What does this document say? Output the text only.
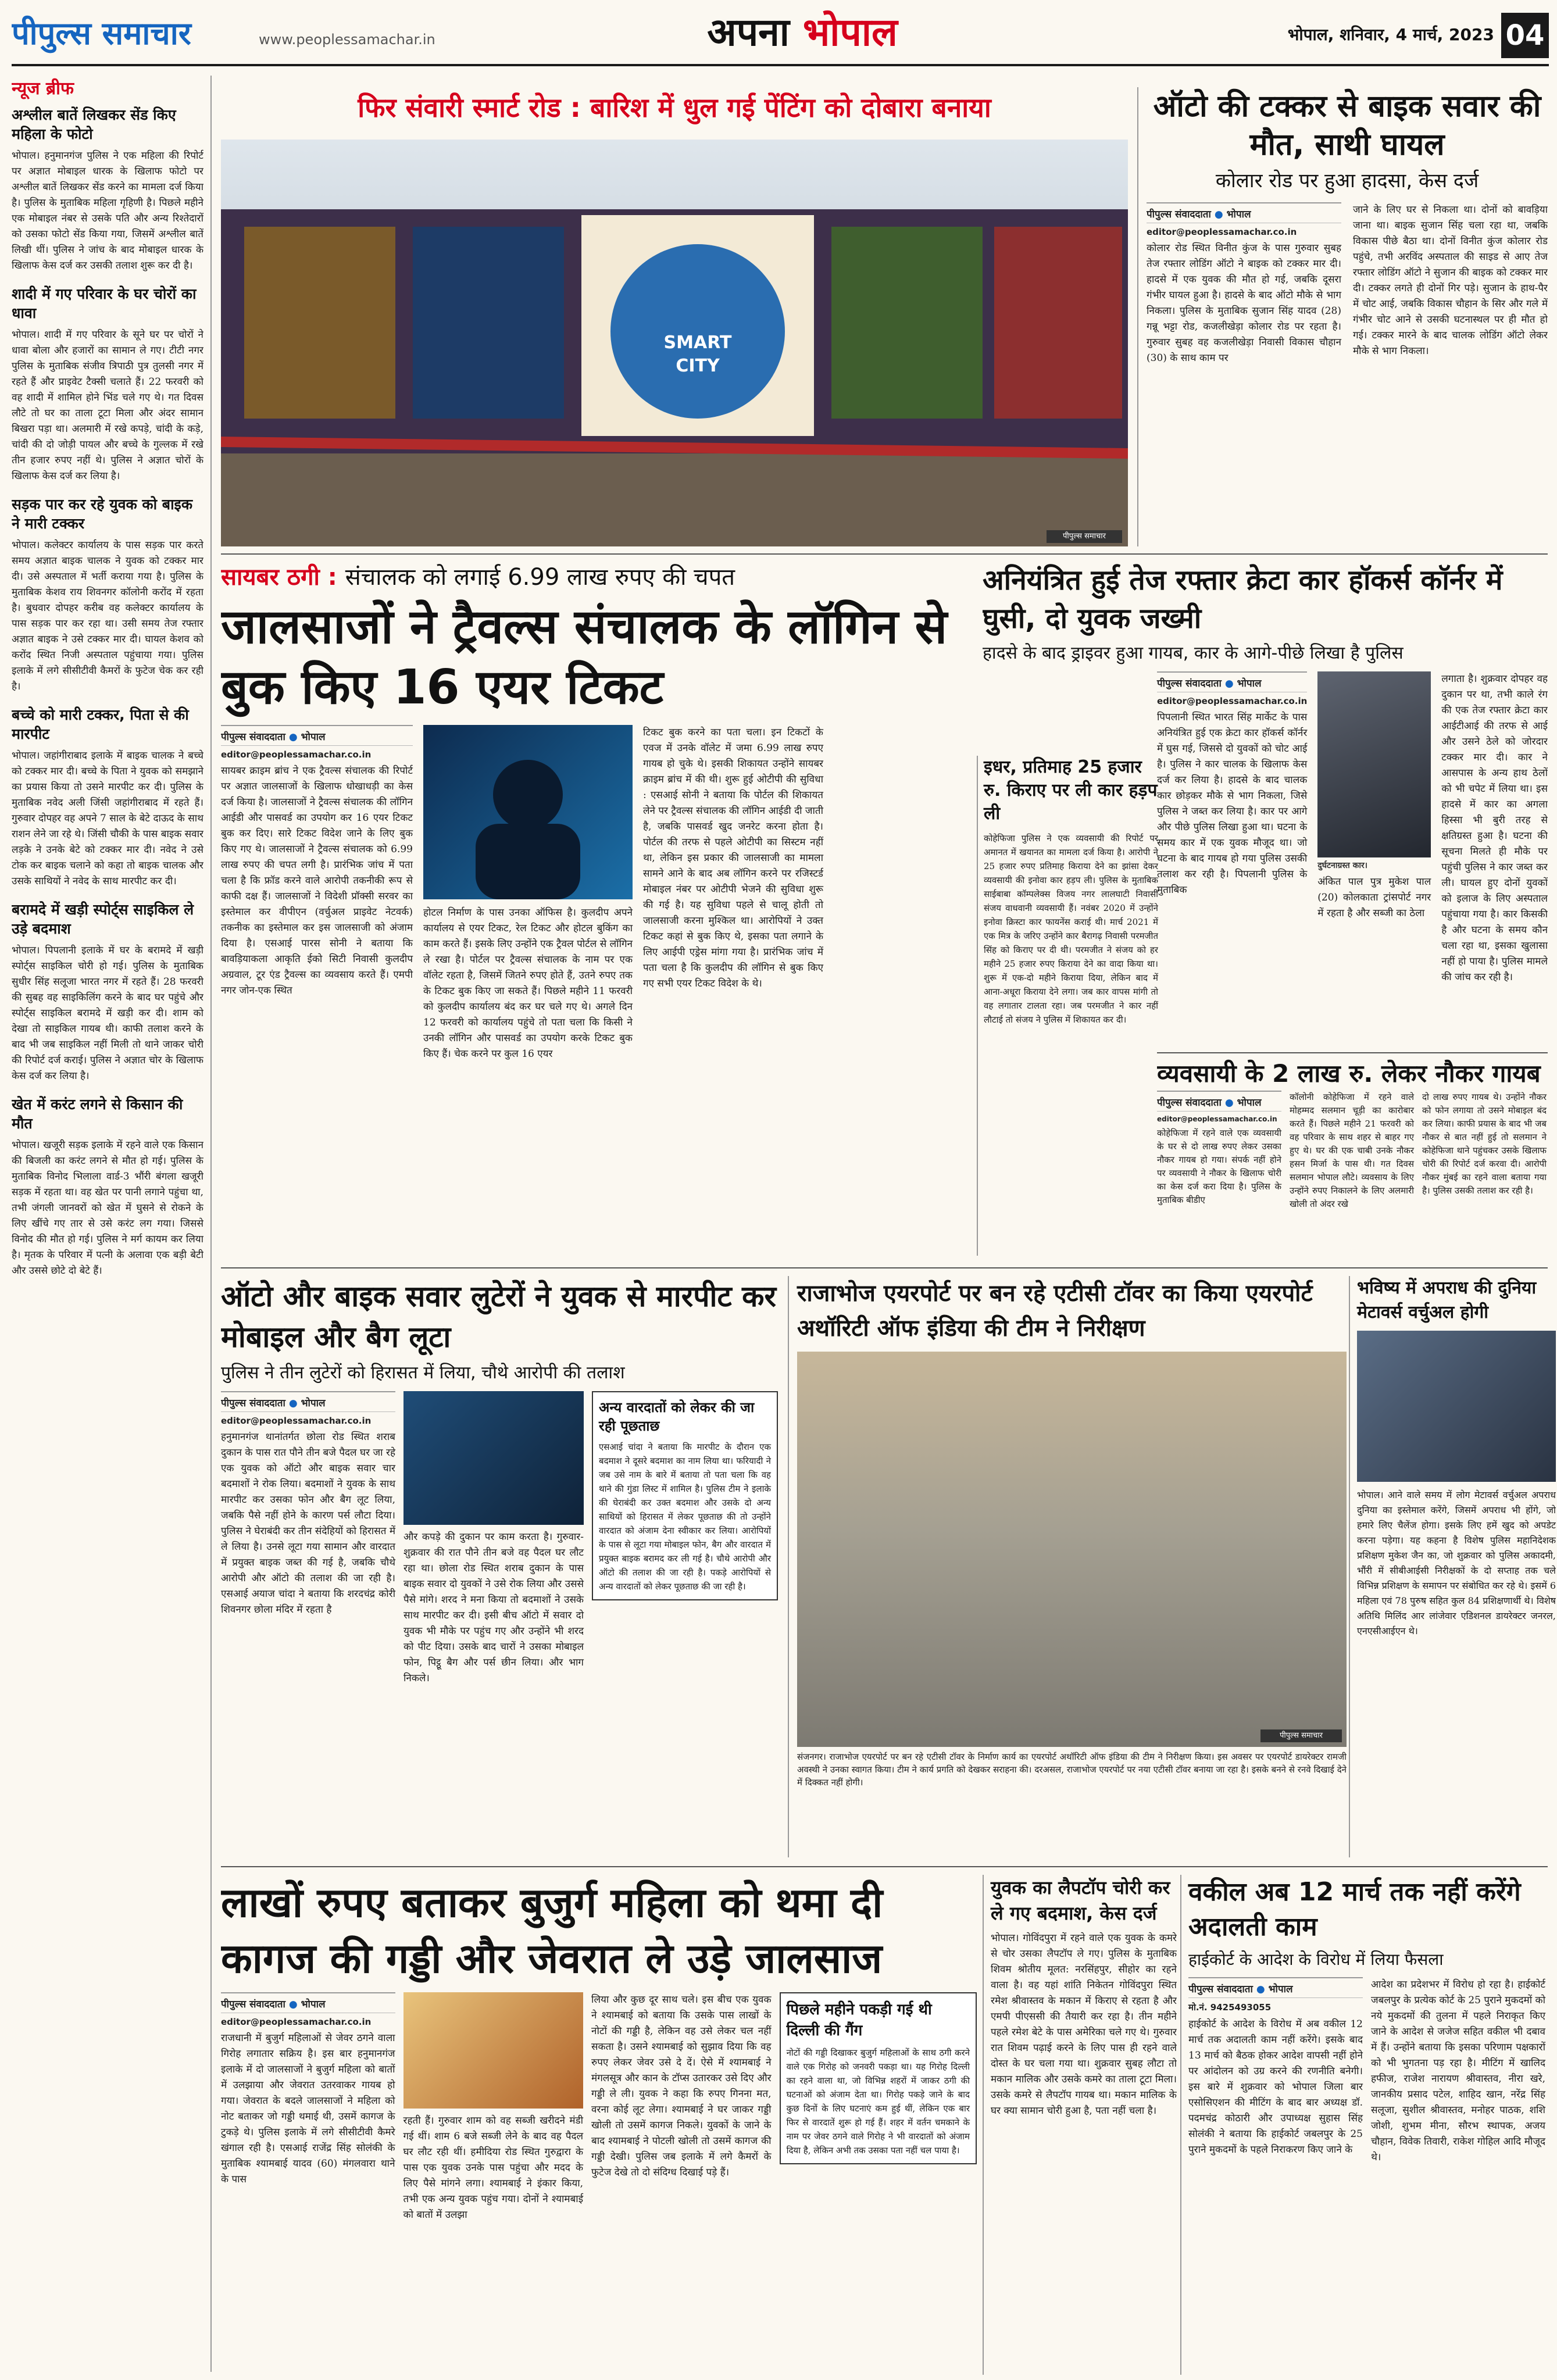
पीपुल्स समाचार	www.peoplessamachar.in	अपना भोपाल	भोपाल, शनिवार, 4 मार्च, 2023 04
न्यूज ब्रीफ
अश्लील बातें लिखकर सेंड किए महिला के फोटो
भोपाल। हनुमानगंज पुलिस ने एक महिला की रिपोर्ट पर अज्ञात मोबाइल धारक के खिलाफ फोटो पर अश्लील बातें लिखकर सेंड करने का मामला दर्ज किया है। पुलिस के मुताबिक महिला गृहिणी है। पिछले महीने एक मोबाइल नंबर से उसके पति और अन्य रिश्तेदारों को उसका फोटो सेंड किया गया, जिसमें अश्लील बातें लिखी थीं। पुलिस ने जांच के बाद मोबाइल धारक के खिलाफ केस दर्ज कर उसकी तलाश शुरू कर दी है।
शादी में गए परिवार के घर चोरों का धावा
भोपाल। शादी में गए परिवार के सूने घर पर चोरों ने धावा बोला और हजारों का सामान ले गए। टीटी नगर पुलिस के मुताबिक संजीव त्रिपाठी पुत्र तुलसी नगर में रहते हैं और प्राइवेट टैक्सी चलाते हैं। 22 फरवरी को वह शादी में शामिल होने भिंड चले गए थे। गत दिवस लौटे तो घर का ताला टूटा मिला और अंदर सामान बिखरा पड़ा था। अलमारी में रखे कपड़े, चांदी के कड़े, चांदी की दो जोड़ी पायल और बच्चे के गुल्लक में रखे तीन हजार रुपए नहीं थे। पुलिस ने अज्ञात चोरों के खिलाफ केस दर्ज कर लिया है।
सड़क पार कर रहे युवक को बाइक ने मारी टक्कर
भोपाल। कलेक्टर कार्यालय के पास सड़क पार करते समय अज्ञात बाइक चालक ने युवक को टक्कर मार दी। उसे अस्पताल में भर्ती कराया गया है। पुलिस के मुताबिक केशव राय शिवनगर कॉलोनी करोंद में रहता है। बुधवार दोपहर करीब वह कलेक्टर कार्यालय के पास सड़क पार कर रहा था। उसी समय तेज रफ्तार अज्ञात बाइक ने उसे टक्कर मार दी। घायल केशव को करोंद स्थित निजी अस्पताल पहुंचाया गया। पुलिस इलाके में लगे सीसीटीवी कैमरों के फुटेज चेक कर रही है।
बच्चे को मारी टक्कर, पिता से की मारपीट
भोपाल। जहांगीराबाद इलाके में बाइक चालक ने बच्चे को टक्कर मार दी। बच्चे के पिता ने युवक को समझाने का प्रयास किया तो उसने मारपीट कर दी। पुलिस के मुताबिक नवेद अली जिंसी जहांगीराबाद में रहते हैं। गुरुवार दोपहर वह अपने 7 साल के बेटे दाऊद के साथ राशन लेने जा रहे थे। जिंसी चौकी के पास बाइक सवार लड़के ने उनके बेटे को टक्कर मार दी। नवेद ने उसे टोक कर बाइक चलाने को कहा तो बाइक चालक और उसके साथियों ने नवेद के साथ मारपीट कर दी।
बरामदे में खड़ी स्पोर्ट्स साइकिल ले उड़े बदमाश
भोपाल। पिपलानी इलाके में घर के बरामदे में खड़ी स्पोर्ट्स साइकिल चोरी हो गई। पुलिस के मुताबिक सुधीर सिंह सलूजा भारत नगर में रहते हैं। 28 फरवरी की सुबह वह साइकिलिंग करने के बाद घर पहुंचे और स्पोर्ट्स साइकिल बरामदे में खड़ी कर दी। शाम को देखा तो साइकिल गायब थी। काफी तलाश करने के बाद भी जब साइकिल नहीं मिली तो थाने जाकर चोरी की रिपोर्ट दर्ज कराई। पुलिस ने अज्ञात चोर के खिलाफ केस दर्ज कर लिया है।
खेत में करंट लगने से किसान की मौत
भोपाल। खजूरी सड़क इलाके में रहने वाले एक किसान की बिजली का करंट लगने से मौत हो गई। पुलिस के मुताबिक विनोद भिलाला वार्ड-3 भौंरी बंगला खजूरी सड़क में रहता था। वह खेत पर पानी लगाने पहुंचा था, तभी जंगली जानवरों को खेत में घुसने से रोकने के लिए खींचे गए तार से उसे करंट लग गया। जिससे विनोद की मौत हो गई। पुलिस ने मर्ग कायम कर लिया है। मृतक के परिवार में पत्नी के अलावा एक बड़ी बेटी और उससे छोटे दो बेटे हैं।
फिर संवारी स्मार्ट रोड : बारिश में धुल गई पेंटिंग को दोबारा बनाया
SMART CITY
पीपुल्स समाचार
ऑटो की टक्कर से बाइक सवार की मौत, साथी घायल
कोलार रोड पर हुआ हादसा, केस दर्ज
पीपुल्स संवाददाता ● भोपाल
editor@peoplessamachar.co.in
कोलार रोड स्थित विनीत कुंज के पास गुरुवार सुबह तेज रफ्तार लोडिंग ऑटो ने बाइक को टक्कर मार दी। हादसे में एक युवक की मौत हो गई, जबकि दूसरा गंभीर घायल हुआ है। हादसे के बाद ऑटो मौके से भाग निकला। पुलिस के मुताबिक सुजान सिंह यादव (28) गन्नू भट्टा रोड, कजलीखेड़ा कोलार रोड पर रहता है। गुरुवार सुबह वह कजलीखेड़ा निवासी विकास चौहान (30) के साथ काम पर
जाने के लिए घर से निकला था। दोनों को बावड़िया जाना था। बाइक सुजान सिंह चला रहा था, जबकि विकास पीछे बैठा था। दोनों विनीत कुंज कोलार रोड पहुंचे, तभी अरविंद अस्पताल की साइड से आए तेज रफ्तार लोडिंग ऑटो ने सुजान की बाइक को टक्कर मार दी। टक्कर लगते ही दोनों गिर पड़े। सुजान के हाथ-पैर में चोट आई, जबकि विकास चौहान के सिर और गले में गंभीर चोट आने से उसकी घटनास्थल पर ही मौत हो गई। टक्कर मारने के बाद चालक लोडिंग ऑटो लेकर मौके से भाग निकला।
सायबर ठगी : संचालक को लगाई 6.99 लाख रुपए की चपत
जालसाजों ने ट्रैवल्स संचालक के लॉगिन से बुक किए 16 एयर टिकट
पीपुल्स संवाददाता ● भोपाल
editor@peoplessamachar.co.in
सायबर क्राइम ब्रांच ने एक ट्रैवल्स संचालक की रिपोर्ट पर अज्ञात जालसाजों के खिलाफ धोखाधड़ी का केस दर्ज किया है। जालसाजों ने ट्रैवल्स संचालक की लॉगिन आईडी और पासवर्ड का उपयोग कर 16 एयर टिकट बुक कर दिए। सारे टिकट विदेश जाने के लिए बुक किए गए थे। जालसाजों ने ट्रैवल्स संचालक को 6.99 लाख रुपए की चपत लगी है। प्रारंभिक जांच में पता चला है कि फ्रॉड करने वाले आरोपी तकनीकी रूप से काफी दक्ष हैं। जालसाजों ने विदेशी प्रॉक्सी सरवर का इस्तेमाल कर वीपीएन (वर्चुअल प्राइवेट नेटवर्क) तकनीक का इस्तेमाल कर इस जालसाजी को अंजाम दिया है। एसआई पारस सोनी ने बताया कि बावड़ियाकला आकृति ईको सिटी निवासी कुलदीप अग्रवाल, टूर एंड ट्रैवल्स का व्यवसाय करते हैं। एमपी नगर जोन-एक स्थित
होटल निर्माण के पास उनका ऑफिस है। कुलदीप अपने कार्यालय से एयर टिकट, रेल टिकट और होटल बुकिंग का काम करते हैं। इसके लिए उन्होंने एक ट्रैवल पोर्टल से लॉगिन ले रखा है। पोर्टल पर ट्रैवल्स संचालक के नाम पर एक वॉलेट रहता है, जिसमें जितने रुपए होते हैं, उतने रुपए तक के टिकट बुक किए जा सकते हैं। पिछले महीने 11 फरवरी को कुलदीप कार्यालय बंद कर घर चले गए थे। अगले दिन 12 फरवरी को कार्यालय पहुंचे तो पता चला कि किसी ने उनकी लॉगिन और पासवर्ड का उपयोग करके टिकट बुक किए हैं। चेक करने पर कुल 16 एयर
टिकट बुक करने का पता चला। इन टिकटों के एवज में उनके वॉलेट में जमा 6.99 लाख रुपए गायब हो चुके थे। इसकी शिकायत उन्होंने सायबर क्राइम ब्रांच में की थी। शुरू हुई ओटीपी की सुविधा : एसआई सोनी ने बताया कि पोर्टल की शिकायत लेने पर ट्रैवल्स संचालक की लॉगिन आईडी दी जाती है, जबकि पासवर्ड खुद जनरेट करना होता है। पोर्टल की तरफ से पहले ओटीपी का सिस्टम नहीं था, लेकिन इस प्रकार की जालसाजी का मामला सामने आने के बाद अब लॉगिन करने पर रजिस्टर्ड मोबाइल नंबर पर ओटीपी भेजने की सुविधा शुरू की गई है। यह सुविधा पहले से चालू होती तो जालसाजी करना मुश्किल था। आरोपियों ने उक्त टिकट कहां से बुक किए थे, इसका पता लगाने के लिए आईपी एड्रेस मांगा गया है। प्रारंभिक जांच में पता चला है कि कुलदीप की लॉगिन से बुक किए गए सभी एयर टिकट विदेश के थे।
इधर, प्रतिमाह 25 हजार रु. किराए पर ली कार हड़प ली
कोहेफिजा पुलिस ने एक व्यवसायी की रिपोर्ट पर अमानत में खयानत का मामला दर्ज किया है। आरोपी ने 25 हजार रुपए प्रतिमाह किराया देने का झांसा देकर व्यवसायी की इनोवा कार हड़प ली। पुलिस के मुताबिक साईबाबा कॉम्पलेक्स विजय नगर लालघाटी निवासी संजय वाधवानी व्यवसायी हैं। नवंबर 2020 में उन्होंने इनोवा क्रिस्टा कार फायनेंस कराई थी। मार्च 2021 में एक मित्र के जरिए उन्होंने कार बैरागढ़ निवासी परमजीत सिंह को किराए पर दी थी। परमजीत ने संजय को हर महीने 25 हजार रुपए किराया देने का वादा किया था। शुरू में एक-दो महीने किराया दिया, लेकिन बाद में आना-अधूरा किराया देने लगा। जब कार वापस मांगी तो वह लगातार टालता रहा। जब परमजीत ने कार नहीं लौटाई तो संजय ने पुलिस में शिकायत कर दी।
अनियंत्रित हुई तेज रफ्तार क्रेटा कार हॉकर्स कॉर्नर में घुसी, दो युवक जख्मी
हादसे के बाद ड्राइवर हुआ गायब, कार के आगे-पीछे लिखा है पुलिस
पीपुल्स संवाददाता ● भोपाल
editor@peoplessamachar.co.in
पिपलानी स्थित भारत सिंह मार्केट के पास अनियंत्रित हुई एक क्रेटा कार हॉकर्स कॉर्नर में घुस गई, जिससे दो युवकों को चोट आई है। पुलिस ने कार चालक के खिलाफ केस दर्ज कर लिया है। हादसे के बाद चालक कार छोड़कर मौके से भाग निकला, जिसे पुलिस ने जब्त कर लिया है। कार पर आगे और पीछे पुलिस लिखा हुआ था। घटना के समय कार में एक युवक मौजूद था। जो घटना के बाद गायब हो गया पुलिस उसकी तलाश कर रही है। पिपलानी पुलिस के मुताबिक
दुर्घटनाग्रस्त कार।
अंकित पाल पुत्र मुकेश पाल (20) कोलकाता ट्रांसपोर्ट नगर में रहता है और सब्जी का ठेला
लगाता है। शुक्रवार दोपहर वह दुकान पर था, तभी काले रंग की एक तेज रफ्तार क्रेटा कार आईटीआई की तरफ से आई और उसने ठेले को जोरदार टक्कर मार दी। कार ने आसपास के अन्य हाथ ठेलों को भी चपेट में लिया था। इस हादसे में कार का अगला हिस्सा भी बुरी तरह से क्षतिग्रस्त हुआ है। घटना की सूचना मिलते ही मौके पर पहुंची पुलिस ने कार जब्त कर ली। घायल हुए दोनों युवकों को इलाज के लिए अस्पताल पहुंचाया गया है। कार किसकी है और घटना के समय कौन चला रहा था, इसका खुलासा नहीं हो पाया है। पुलिस मामले की जांच कर रही है।
व्यवसायी के 2 लाख रु. लेकर नौकर गायब
पीपुल्स संवाददाता ● भोपाल
editor@peoplessamachar.co.in
कोहेफिजा में रहने वाले एक व्यवसायी के घर से दो लाख रुपए लेकर उसका नौकर गायब हो गया। संपर्क नहीं होने पर व्यवसायी ने नौकर के खिलाफ चोरी का केस दर्ज करा दिया है। पुलिस के मुताबिक बीडीए
कॉलोनी कोहेफिजा में रहने वाले मोहम्मद सलमान चूड़ी का कारोबार करते हैं। पिछले महीने 21 फरवरी को वह परिवार के साथ शहर से बाहर गए हुए थे। घर की एक चाबी उनके नौकर हसन मिर्जा के पास थी। गत दिवस सलमान भोपाल लौटे। व्यवसाय के लिए उन्होंने रुपए निकालने के लिए अलमारी खोली तो अंदर रखे
दो लाख रुपए गायब थे। उन्होंने नौकर को फोन लगाया तो उसने मोबाइल बंद कर लिया। काफी प्रयास के बाद भी जब नौकर से बात नहीं हुई तो सलमान ने कोहेफिजा थाने पहुंचकर उसके खिलाफ चोरी की रिपोर्ट दर्ज करवा दी। आरोपी नौकर मुंबई का रहने वाला बताया गया है। पुलिस उसकी तलाश कर रही है।
ऑटो और बाइक सवार लुटेरों ने युवक से मारपीट कर मोबाइल और बैग लूटा
पुलिस ने तीन लुटेरों को हिरासत में लिया, चौथे आरोपी की तलाश
पीपुल्स संवाददाता ● भोपाल
editor@peoplessamachar.co.in
हनुमानगंज थानांतर्गत छोला रोड स्थित शराब दुकान के पास रात पौने तीन बजे पैदल घर जा रहे एक युवक को ऑटो और बाइक सवार चार बदमाशों ने रोक लिया। बदमाशों ने युवक के साथ मारपीट कर उसका फोन और बैग लूट लिया, जबकि पैसे नहीं होने के कारण पर्स लौटा दिया। पुलिस ने घेराबंदी कर तीन संदेहियों को हिरासत में ले लिया है। उनसे लूटा गया सामान और वारदात में प्रयुक्त बाइक जब्त की गई है, जबकि चौथे आरोपी और ऑटो की तलाश की जा रही है। एसआई अयाज चांदा ने बताया कि शरदचंद्र कोरी शिवनगर छोला मंदिर में रहता है
और कपड़े की दुकान पर काम करता है। गुरुवार-शुक्रवार की रात पौने तीन बजे वह पैदल घर लौट रहा था। छोला रोड स्थित शराब दुकान के पास बाइक सवार दो युवकों ने उसे रोक लिया और उससे पैसे मांगे। शरद ने मना किया तो बदमाशों ने उसके साथ मारपीट कर दी। इसी बीच ऑटो में सवार दो युवक भी मौके पर पहुंच गए और उन्होंने भी शरद को पीट दिया। उसके बाद चारों ने उसका मोबाइल फोन, पिट्ठू बैग और पर्स छीन लिया। और भाग निकले।
अन्य वारदातों को लेकर की जा रही पूछताछ
एसआई चांदा ने बताया कि मारपीट के दौरान एक बदमाश ने दूसरे बदमाश का नाम लिया था। फरियादी ने जब उसे नाम के बारे में बताया तो पता चला कि वह थाने की गुंडा लिस्ट में शामिल है। पुलिस टीम ने इलाके की घेराबंदी कर उक्त बदमाश और उसके दो अन्य साथियों को हिरासत में लेकर पूछताछ की तो उन्होंने वारदात को अंजाम देना स्वीकार कर लिया। आरोपियों के पास से लूटा गया मोबाइल फोन, बैग और वारदात में प्रयुक्त बाइक बरामद कर ली गई है। चौथे आरोपी और ऑटो की तलाश की जा रही है। पकड़े आरोपियों से अन्य वारदातों को लेकर पूछताछ की जा रही है।
राजाभोज एयरपोर्ट पर बन रहे एटीसी टॉवर का किया एयरपोर्ट अथॉरिटी ऑफ इंडिया की टीम ने निरीक्षण
पीपुल्स समाचार
संजनगर। राजाभोज एयरपोर्ट पर बन रहे एटीसी टॉवर के निर्माण कार्य का एयरपोर्ट अथॉरिटी ऑफ इंडिया की टीम ने निरीक्षण किया। इस अवसर पर एयरपोर्ट डायरेक्टर रामजी अवस्थी ने उनका स्वागत किया। टीम ने कार्य प्रगति को देखकर सराहना की। दरअसल, राजाभोज एयरपोर्ट पर नया एटीसी टॉवर बनाया जा रहा है। इसके बनने से रनवे दिखाई देने में दिक्कत नहीं होगी।
भविष्य में अपराध की दुनिया मेटावर्स वर्चुअल होगी
भोपाल। आने वाले समय में लोग मेटावर्स वर्चुअल अपराध दुनिया का इस्तेमाल करेंगे, जिसमें अपराध भी होंगे, जो हमारे लिए चैलेंज होगा। इसके लिए हमें खुद को अपडेट करना पड़ेगा। यह कहना है विशेष पुलिस महानिदेशक प्रशिक्षण मुकेश जैन का, जो शुक्रवार को पुलिस अकादमी, भौंरी में सीबीआईसी निरीक्षकों के दो सप्ताह तक चले विभिन्न प्रशिक्षण के समापन पर संबोधित कर रहे थे। इसमें 6 महिला एवं 78 पुरुष सहित कुल 84 प्रशिक्षणार्थी थे। विशेष अतिथि मिलिंद आर लांजेवार एडिशनल डायरेक्टर जनरल, एनएसीआईएन थे।
लाखों रुपए बताकर बुजुर्ग महिला को थमा दी कागज की गड्डी और जेवरात ले उड़े जालसाज
पीपुल्स संवाददाता ● भोपाल
editor@peoplessamachar.co.in
राजधानी में बुजुर्ग महिलाओं से जेवर ठगने वाला गिरोह लगातार सक्रिय है। इस बार हनुमानगंज इलाके में दो जालसाजों ने बुजुर्ग महिला को बातों में उलझाया और जेवरात उतरवाकर गायब हो गया। जेवरात के बदले जालसाजों ने महिला को नोट बताकर जो गड्डी थमाई थी, उसमें कागज के टुकड़े थे। पुलिस इलाके में लगे सीसीटीवी कैमरे खंगाल रही है। एसआई राजेंद्र सिंह सोलंकी के मुताबिक श्यामबाई यादव (60) मंगलवारा थाने के पास
रहती हैं। गुरुवार शाम को वह सब्जी खरीदने मंडी गई थीं। शाम 6 बजे सब्जी लेने के बाद वह पैदल घर लौट रही थीं। हमीदिया रोड स्थित गुरुद्वारा के पास एक युवक उनके पास पहुंचा और मदद के लिए पैसे मांगने लगा। श्यामबाई ने इंकार किया, तभी एक अन्य युवक पहुंच गया। दोनों ने श्यामबाई को बातों में उलझा
लिया और कुछ दूर साथ चले। इस बीच एक युवक ने श्यामबाई को बताया कि उसके पास लाखों के नोटों की गड्डी है, लेकिन वह उसे लेकर चल नहीं सकता है। उसने श्यामबाई को सुझाव दिया कि वह रुपए लेकर जेवर उसे दे दें। ऐसे में श्यामबाई ने मंगलसूत्र और कान के टॉप्स उतारकर उसे दिए और गड्डी ले ली। युवक ने कहा कि रुपए गिनना मत, वरना कोई लूट लेगा। श्यामबाई ने घर जाकर गड्डी खोली तो उसमें कागज निकले। युवकों के जाने के बाद श्यामबाई ने पोटली खोली तो उसमें कागज की गड्डी देखी। पुलिस जब इलाके में लगे कैमरों के फुटेज देखे तो दो संदिग्ध दिखाई पड़े हैं।
पिछले महीने पकड़ी गई थी दिल्ली की गैंग
नोटों की गड्डी दिखाकर बुजुर्ग महिलाओं के साथ ठगी करने वाले एक गिरोह को जनवरी पकड़ा था। यह गिरोह दिल्ली का रहने वाला था, जो विभिन्न शहरों में जाकर ठगी की घटनाओं को अंजाम देता था। गिरोह पकड़े जाने के बाद कुछ दिनों के लिए घटनाएं कम हुई थीं, लेकिन एक बार फिर से वारदातें शुरू हो गई हैं। शहर में वर्तन चमकाने के नाम पर जेवर ठगने वाले गिरोह ने भी वारदातों को अंजाम दिया है, लेकिन अभी तक उसका पता नहीं चल पाया है।
युवक का लैपटॉप चोरी कर ले गए बदमाश, केस दर्ज
भोपाल। गोविंदपुरा में रहने वाले एक युवक के कमरे से चोर उसका लैपटॉप ले गए। पुलिस के मुताबिक शिवम श्रोतीय मूलत: नरसिंहपुर, सीहोर का रहने वाला है। वह यहां शांति निकेतन गोविंदपुरा स्थित रमेश श्रीवास्तव के मकान में किराए से रहता है और एमपी पीएससी की तैयारी कर रहा है। तीन महीने पहले रमेश बेटे के पास अमेरिका चले गए थे। गुरुवार रात शिवम पढ़ाई करने के लिए पास ही रहने वाले दोस्त के घर चला गया था। शुक्रवार सुबह लौटा तो मकान मालिक और उसके कमरे का ताला टूटा मिला। उसके कमरे से लैपटॉप गायब था। मकान मालिक के घर क्या सामान चोरी हुआ है, पता नहीं चला है।
वकील अब 12 मार्च तक नहीं करेंगे अदालती काम
हाईकोर्ट के आदेश के विरोध में लिया फैसला
पीपुल्स संवाददाता ● भोपाल
मो.नं. 9425493055
हाईकोर्ट के आदेश के विरोध में अब वकील 12 मार्च तक अदालती काम नहीं करेंगे। इसके बाद 13 मार्च को बैठक होकर आदेश वापसी नहीं होने पर आंदोलन को उग्र करने की रणनीति बनेगी। इस बारे में शुक्रवार को भोपाल जिला बार एसोसिएशन की मीटिंग के बाद बार अध्यक्ष डॉ. पदमचंद्र कोठारी और उपाध्यक्ष सुहास सिंह सोलंकी ने बताया कि हाईकोर्ट जबलपुर के 25 पुराने मुकदमों के पहले निराकरण किए जाने के
आदेश का प्रदेशभर में विरोध हो रहा है। हाईकोर्ट जबलपुर के प्रत्येक कोर्ट के 25 पुराने मुकदमों को नये मुकदमों की तुलना में पहले निराकृत किए जाने के आदेश से जजेज सहित वकील भी दबाव में हैं। उन्होंने बताया कि इसका परिणाम पक्षकारों को भी भुगतना पड़ रहा है। मीटिंग में खालिद हफीज, राजेश नारायण श्रीवास्तव, नीरा खरे, जानकीय प्रसाद पटेल, शाहिद खान, नरेंद्र सिंह सलूजा, सुशील श्रीवास्तव, मनोहर पाठक, शशि जोशी, शुभम मीना, सौरभ स्थापक, अजय चौहान, विवेक तिवारी, राकेश गोहिल आदि मौजूद थे।
